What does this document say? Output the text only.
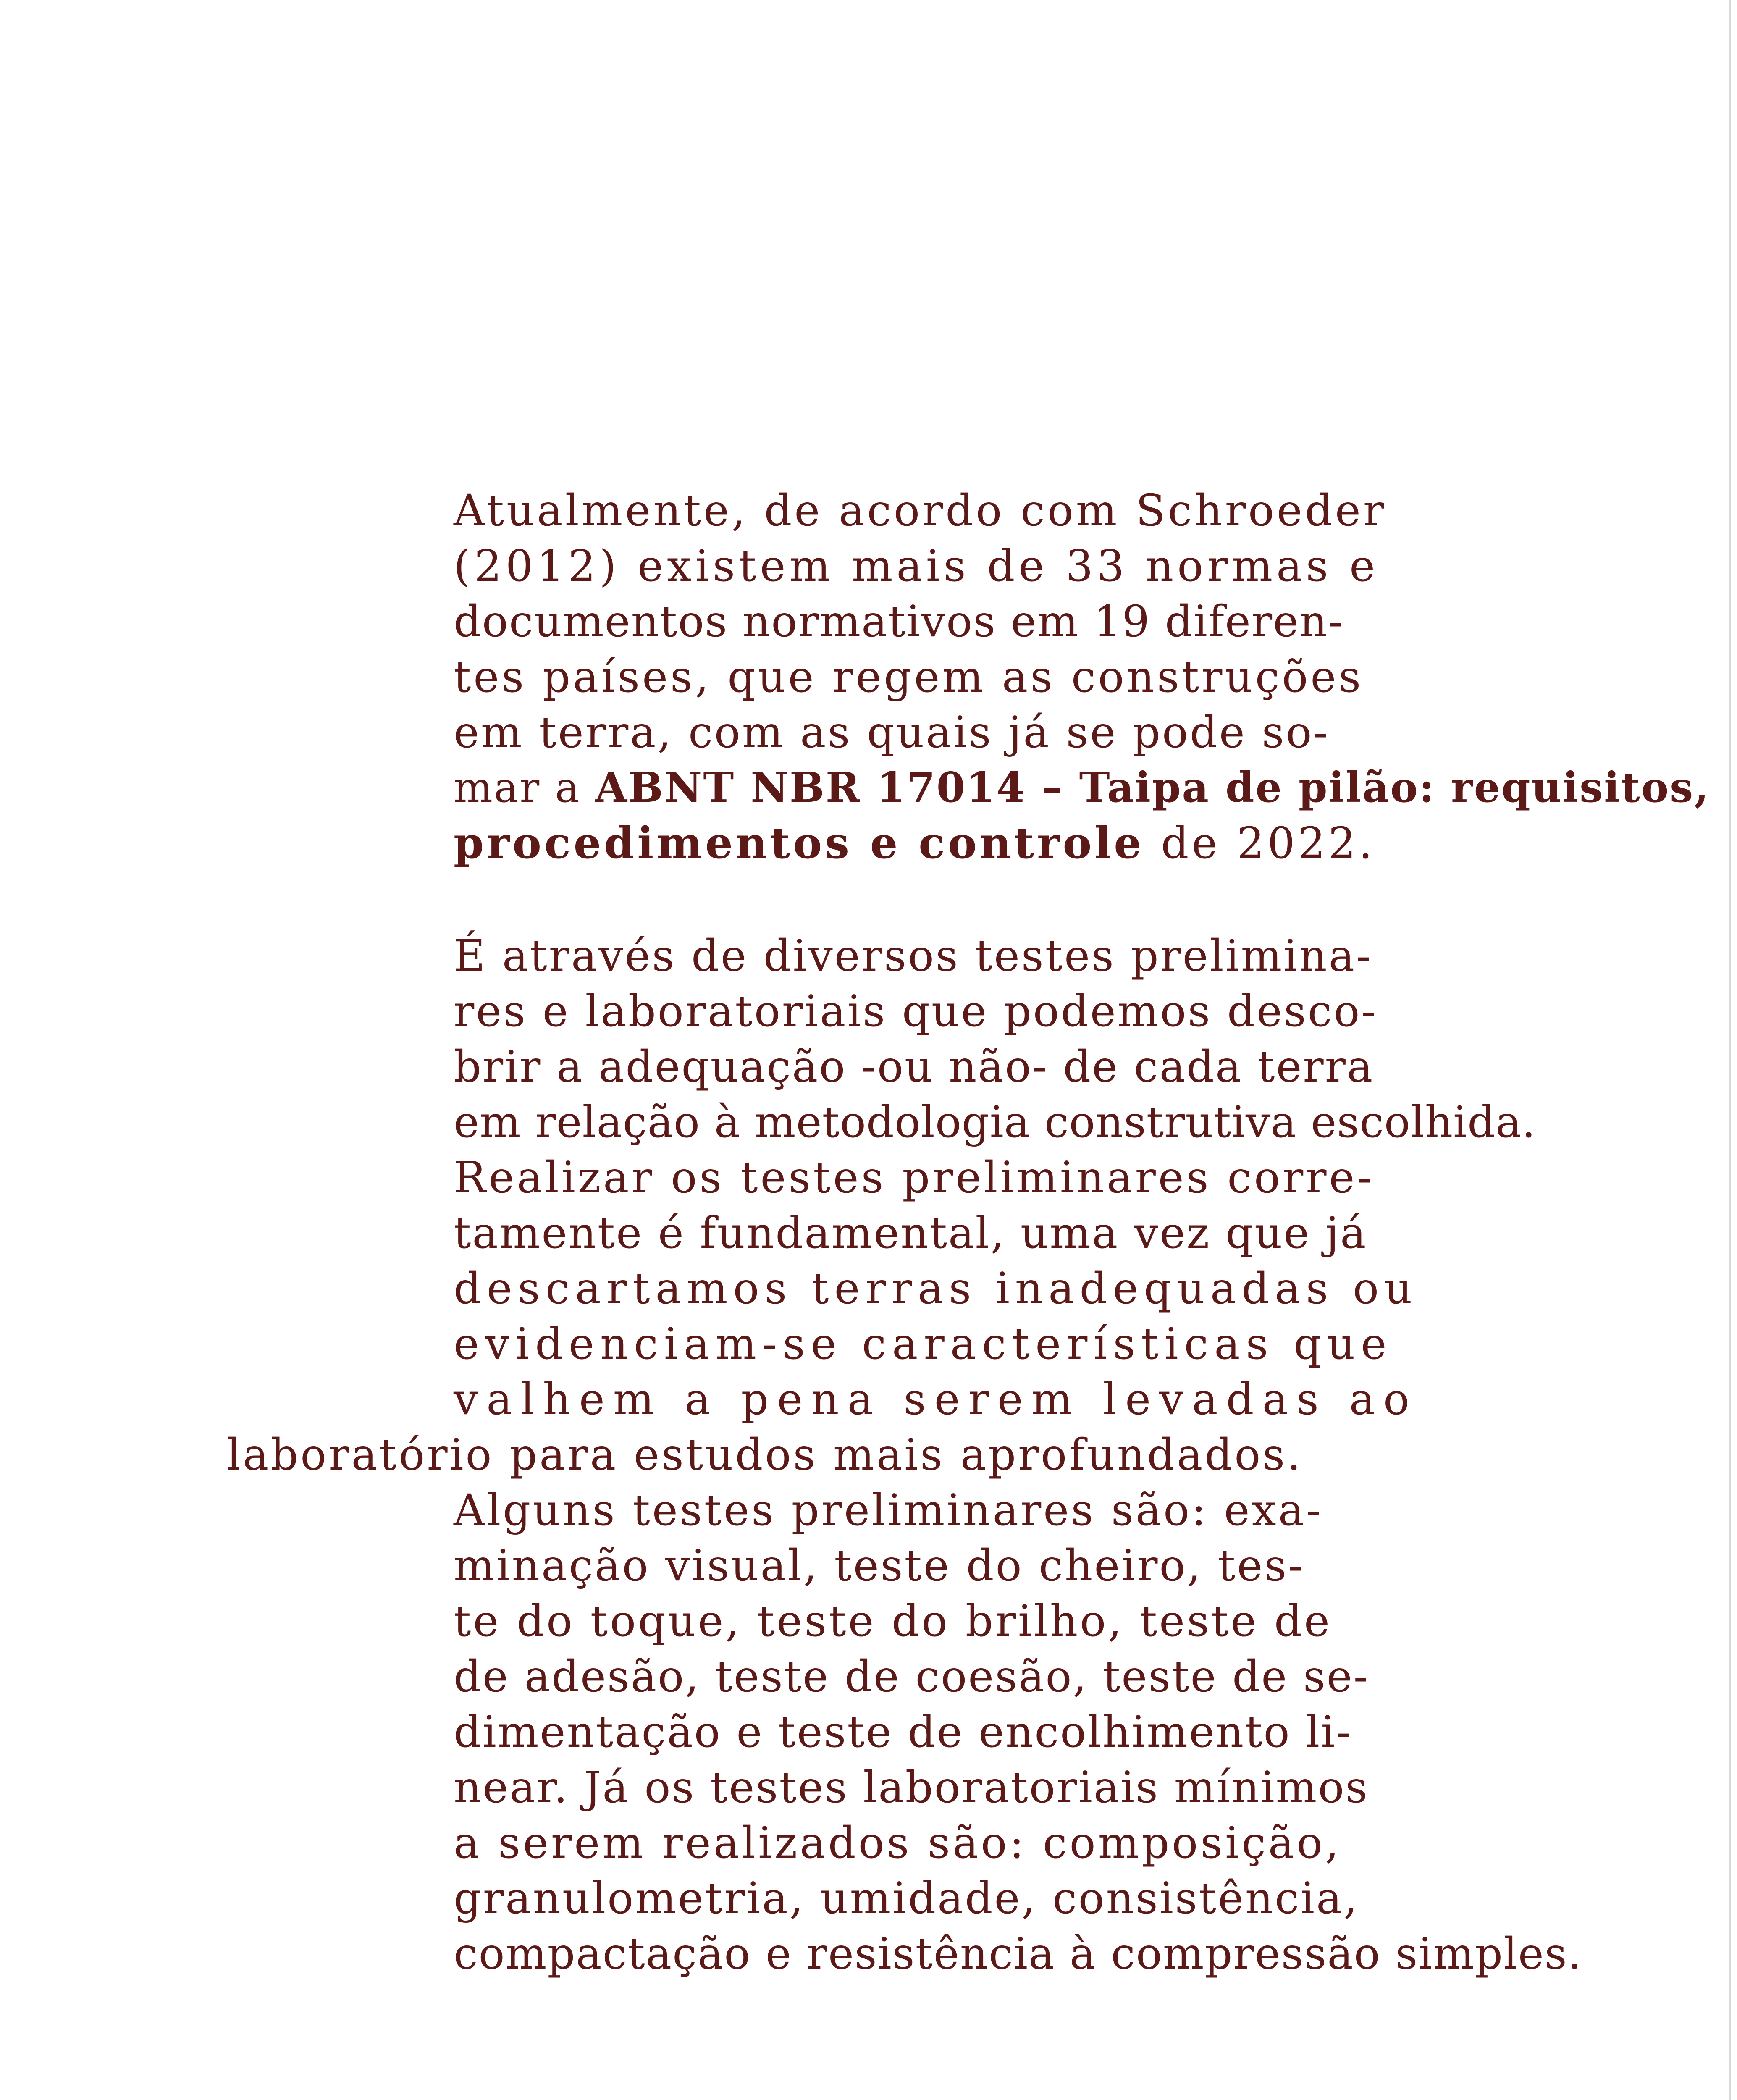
Atualmente, de acordo com Schroeder
(2012) existem mais de 33 normas e
documentos normativos em 19 diferen-
tes países, que regem as construções
em terra, com as quais já se pode so-
mar a ABNT NBR 17014 – Taipa de pilão: requisitos,
procedimentos e controle de 2022.
É através de diversos testes prelimina-
res e laboratoriais que podemos desco-
brir a adequação -ou não- de cada terra
em relação à metodologia construtiva escolhida.
Realizar os testes preliminares corre-
tamente é fundamental, uma vez que já
descartamos terras inadequadas ou
evidenciam-se características que
valhem a pena serem levadas ao
laboratório para estudos mais aprofundados.
Alguns testes preliminares são: exa-
minação visual, teste do cheiro, tes-
te do toque, teste do brilho, teste de
de adesão, teste de coesão, teste de se-
dimentação e teste de encolhimento li-
near. Já os testes laboratoriais mínimos
a serem realizados são: composição,
granulometria, umidade, consistência,
compactação e resistência à compressão simples.
